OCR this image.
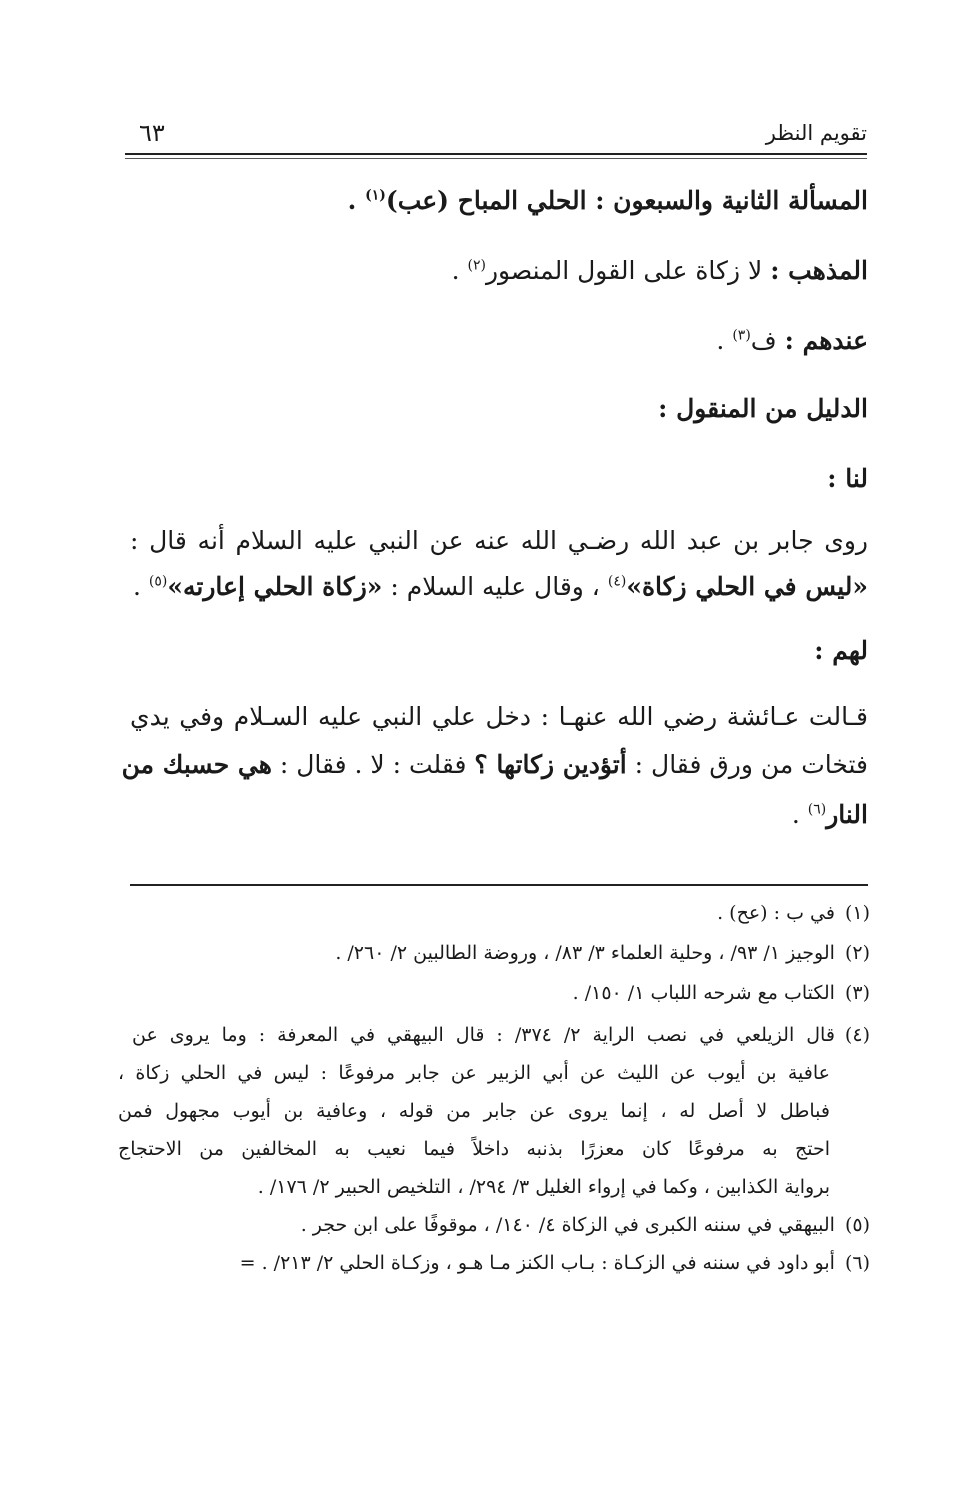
تقويم النظر
٦٣
المسألة الثانية والسبعون : الحلي المباح (عب)$^{(١)}$ .
المذهب : لا زكاة على القول المنصور$^{(٢)}$ .
عندهم : ف$^{(٣)}$ .
الدليل من المنقول :
لنا :
روى جابر بن عبد الله رضـي الله عنه عن النبي عليه السلام أنه قال :
«ليس في الحلي زكاة»$^{(٤)}$ ، وقال عليه السلام : «زكاة الحلي إعارته»$^{(٥)}$ .
لهم :
قـالت عـائشة رضي الله عنهـا : دخل علي النبي عليه السـلام وفي يدي
فتخات من ورق فقال : أتؤدين زكاتها ؟ فقلت : لا . فقال : هي حسبك من
النار$^{(٦)}$ .
(١)في ب : (عح) .
(٢)الوجيز ١/ ٩٣/ ، وحلية العلماء ٣/ ٨٣/ ، وروضة الطالبين ٢/ ٢٦٠/ .
(٣)الكتاب مع شرحه اللباب ١/ ١٥٠/ .
(٤)قال الزيلعي في نصب الراية ٢/ ٣٧٤/ : قال البيهقي في المعرفة : وما يروى عن
عافية بن أيوب عن الليث عن أبي الزبير عن جابر مرفوعًا : ليس في الحلي زكاة ،
فباطل لا أصل له ، إنما يروى عن جابر من قوله ، وعافية بن أيوب مجهول فمن
احتج به مرفوعًا كان معزرًا بذنبه داخلاً فيما نعيب به المخالفين من الاحتجاج
برواية الكذابين ، وكما في إرواء الغليل ٣/ ٢٩٤/ ، التلخيص الحبير ٢/ ١٧٦/ .
(٥)البيهقي في سننه الكبرى في الزكاة ٤/ ١٤٠/ ، موقوفًا على ابن حجر .
(٦)أبو داود في سننه في الزكـاة : بـاب الكنز مـا هـو ، وزكـاة الحلي ٢/ ٢١٣/ . =
